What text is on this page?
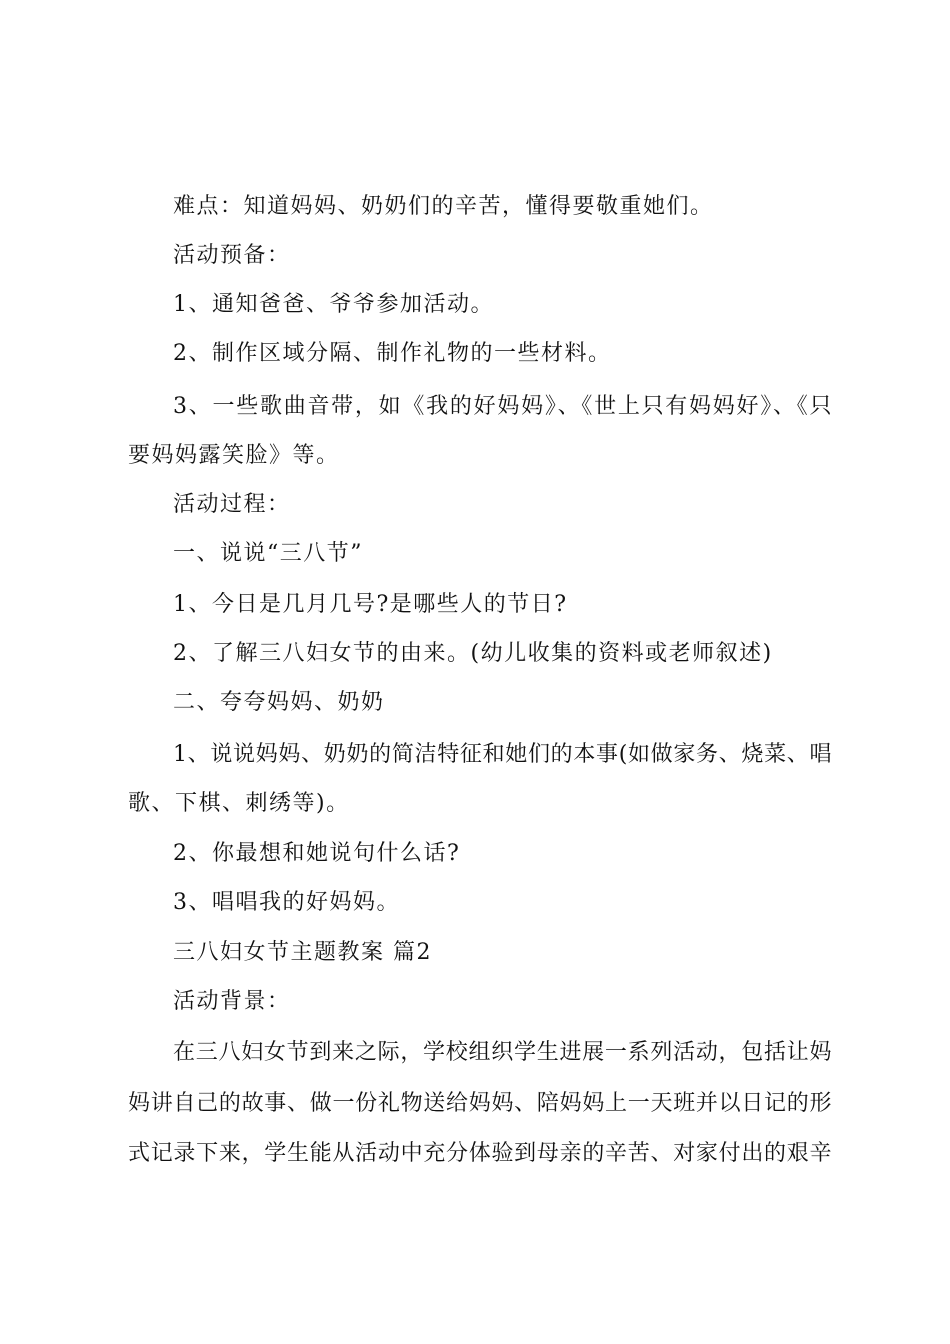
难点：知道妈妈、奶奶们的辛苦，懂得要敬重她们。
活动预备：
1、通知爸爸、爷爷参加活动。
2、制作区域分隔、制作礼物的一些材料。
3、一些歌曲音带，如《我的好妈妈》、《世上只有妈妈好》、《只
要妈妈露笑脸》等。
活动过程：
一、说说“三八节”
1、今日是几月几号?是哪些人的节日?
2、了解三八妇女节的由来。(幼儿收集的资料或老师叙述)
二、夸夸妈妈、奶奶
1、说说妈妈、奶奶的简洁特征和她们的本事(如做家务、烧菜、唱
歌、下棋、刺绣等)。
2、你最想和她说句什么话?
3、唱唱我的好妈妈。
三八妇女节主题教案 篇2
活动背景：
在三八妇女节到来之际，学校组织学生进展一系列活动，包括让妈
妈讲自己的故事、做一份礼物送给妈妈、陪妈妈上一天班并以日记的形
式记录下来，学生能从活动中充分体验到母亲的辛苦、对家付出的艰辛
